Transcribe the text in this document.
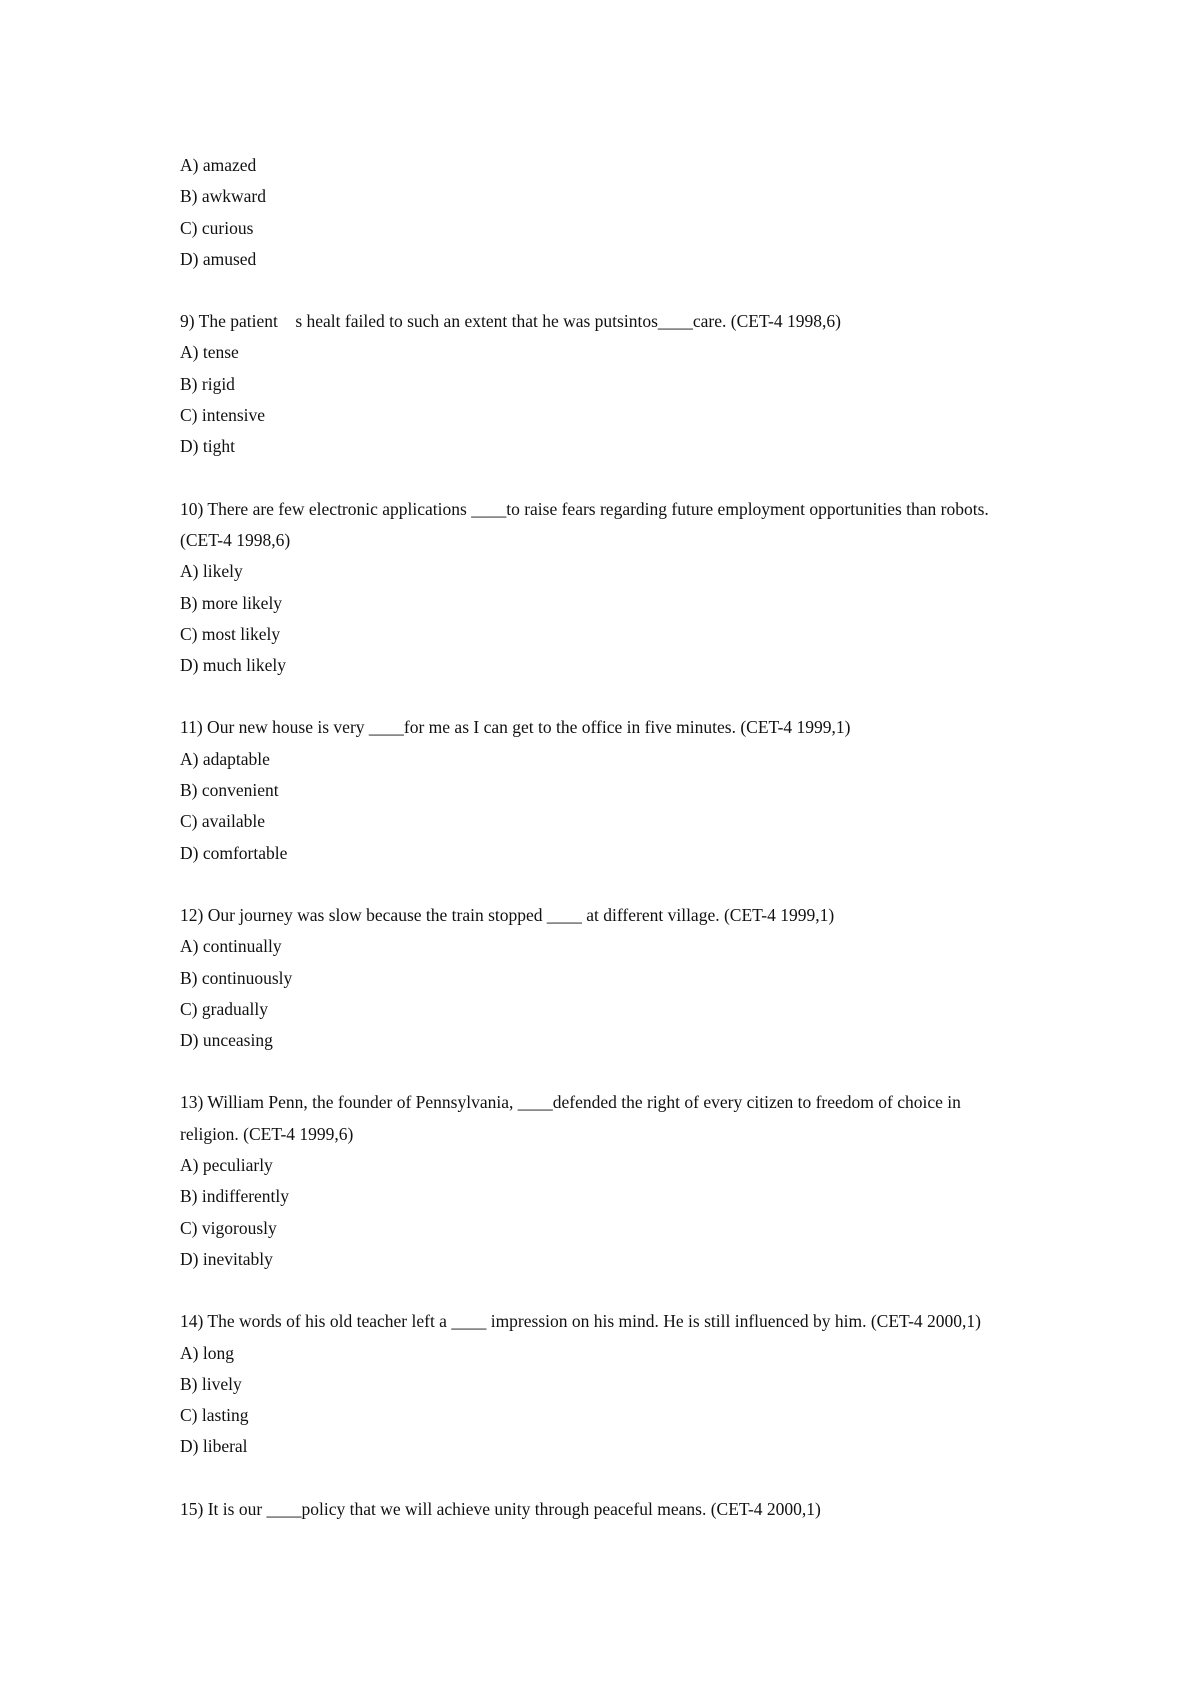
A) amazed
B) awkward
C) curious
D) amused
9) The patient    s healt failed to such an extent that he was putsintos____care. (CET-4 1998,6)
A) tense
B) rigid
C) intensive
D) tight
10) There are few electronic applications ____to raise fears regarding future employment opportunities than robots.
(CET-4 1998,6)
A) likely
B) more likely
C) most likely
D) much likely
11) Our new house is very ____for me as I can get to the office in five minutes. (CET-4 1999,1)
A) adaptable
B) convenient
C) available
D) comfortable
12) Our journey was slow because the train stopped ____ at different village. (CET-4 1999,1)
A) continually
B) continuously
C) gradually
D) unceasing
13) William Penn, the founder of Pennsylvania, ____defended the right of every citizen to freedom of choice in
religion. (CET-4 1999,6)
A) peculiarly
B) indifferently
C) vigorously
D) inevitably
14) The words of his old teacher left a ____ impression on his mind. He is still influenced by him. (CET-4 2000,1)
A) long
B) lively
C) lasting
D) liberal
15) It is our ____policy that we will achieve unity through peaceful means. (CET-4 2000,1)
